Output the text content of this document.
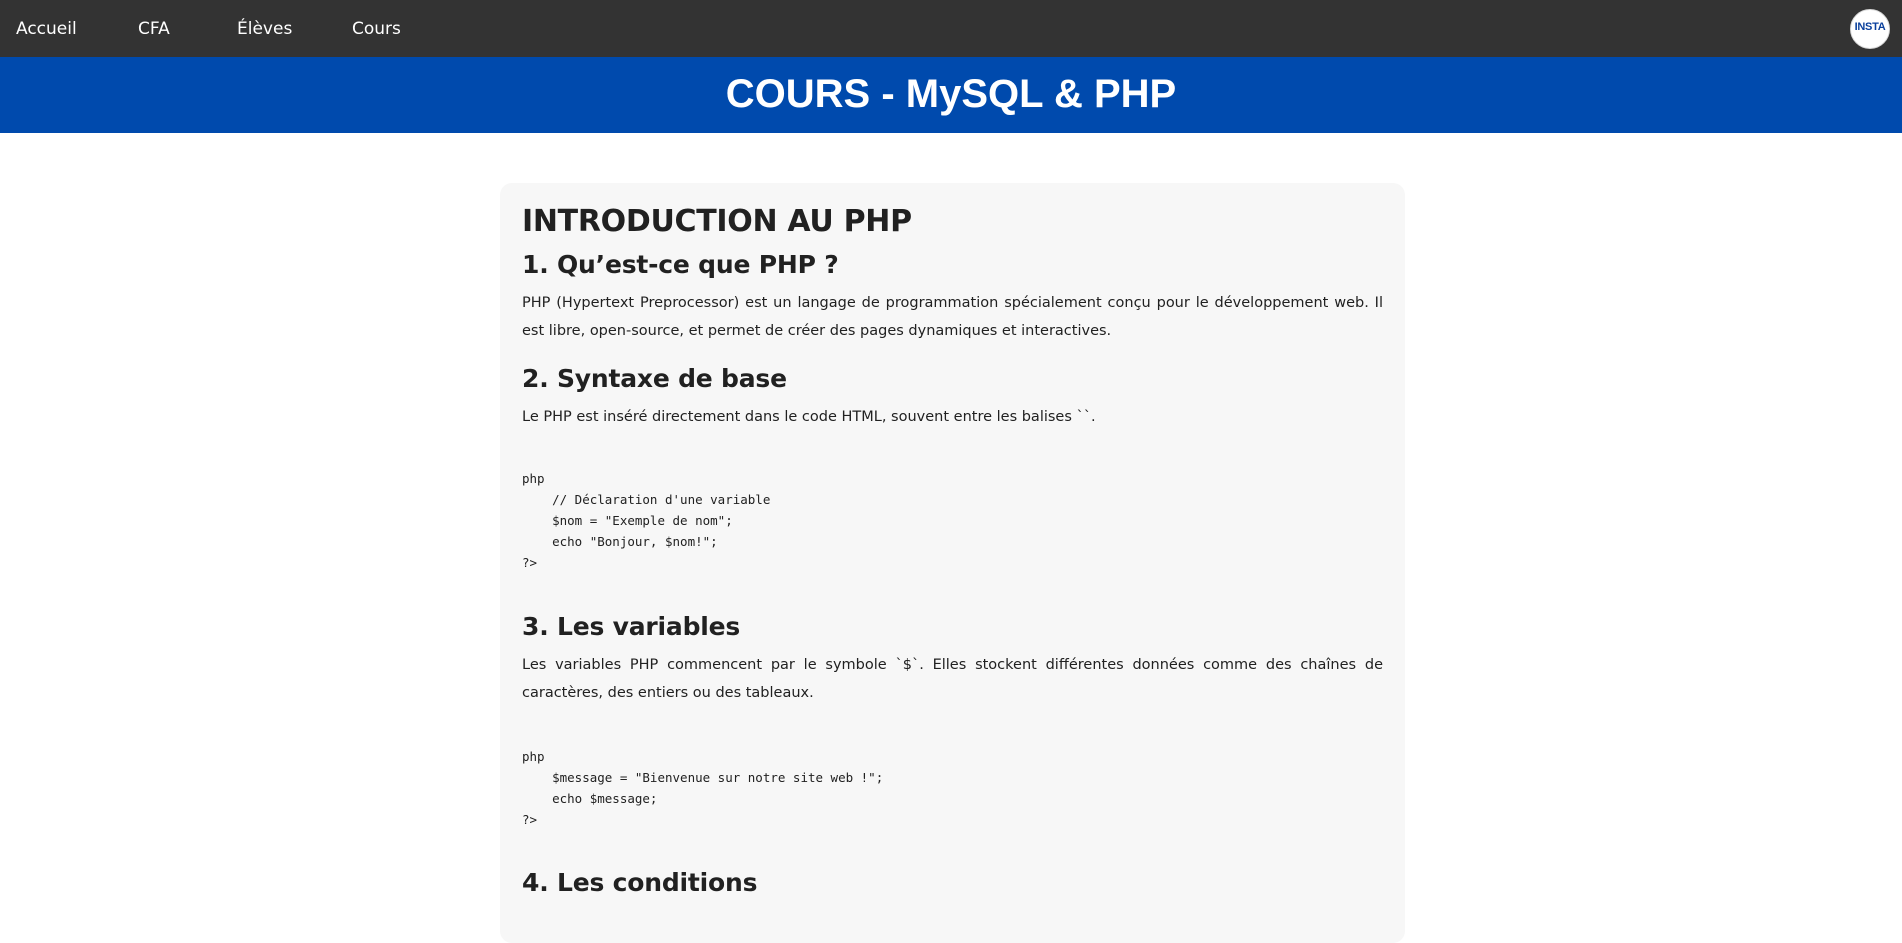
Accueil	CFA	Élèves	Cours	INSTA
COURS - MySQL & PHP
INTRODUCTION AU PHP
1. Qu’est-ce que PHP ?

PHP (Hypertext Preprocessor) est un langage de programmation spécialement conçu pour le développement web. Il est libre, open-source, et permet de créer des pages dynamiques et interactives.

2. Syntaxe de base

Le PHP est inséré directement dans le code HTML, souvent entre les balises ``.

php
// Déclaration d'une variable
$nom = "Exemple de nom";
echo "Bonjour, $nom!";
?>
3. Les variables

Les variables PHP commencent par le symbole `$`. Elles stockent différentes données comme des chaînes de caractères, des entiers ou des tableaux.

php
$message = "Bienvenue sur notre site web !";
echo $message;
?>
4. Les conditions
